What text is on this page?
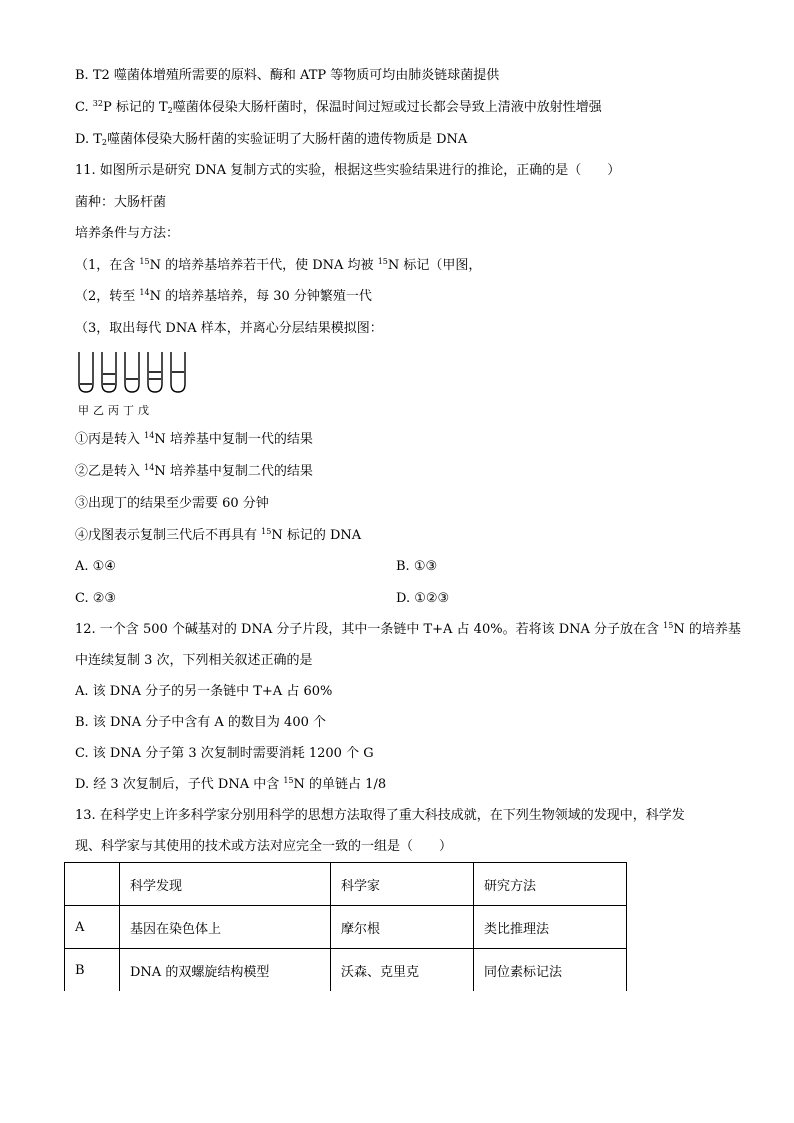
B. T2 噬菌体增殖所需要的原料、酶和 ATP 等物质可均由肺炎链球菌提供
C. $^{32}$P 标记的 $T_2$噬菌体侵染大肠杆菌时，保温时间过短或过长都会导致上清液中放射性增强
D. $T_2$噬菌体侵染大肠杆菌的实验证明了大肠杆菌的遗传物质是 DNA
11. 如图所示是研究 DNA 复制方式的实验，根据这些实验结果进行的推论，正确的是（　　）
菌种：大肠杆菌
培养条件与方法：
（1，在含 $^{15}$N 的培养基培养若干代，使 DNA 均被 $^{15}$N 标记（甲图，
（2，转至 $^{14}$N 的培养基培养，每 30 分钟繁殖一代
（3，取出每代 DNA 样本，并离心分层结果模拟图：
甲乙丙丁戊
①丙是转入 $^{14}$N 培养基中复制一代的结果
②乙是转入 $^{14}$N 培养基中复制二代的结果
③出现丁的结果至少需要 60 分钟
④戊图表示复制三代后不再具有 $^{15}$N 标记的 DNA
A. ①④	B. ①③
C. ②③	D. ①②③
12. 一个含 500 个碱基对的 DNA 分子片段，其中一条链中 T+A 占 40%。若将该 DNA 分子放在含 $^{15}$N 的培养基
中连续复制 3 次，下列相关叙述正确的是
A. 该 DNA 分子的另一条链中 T+A 占 60%
B. 该 DNA 分子中含有 A 的数目为 400 个
C. 该 DNA 分子第 3 次复制时需要消耗 1200 个 G
D. 经 3 次复制后，子代 DNA 中含 $^{15}$N 的单链占 1/8
13. 在科学史上许多科学家分别用科学的思想方法取得了重大科技成就，在下列生物领域的发现中，科学发
现、科学家与其使用的技术或方法对应完全一致的一组是（　　）
	科学发现	科学家	研究方法
A	基因在染色体上	摩尔根	类比推理法
B	DNA 的双螺旋结构模型	沃森、克里克	同位素标记法
